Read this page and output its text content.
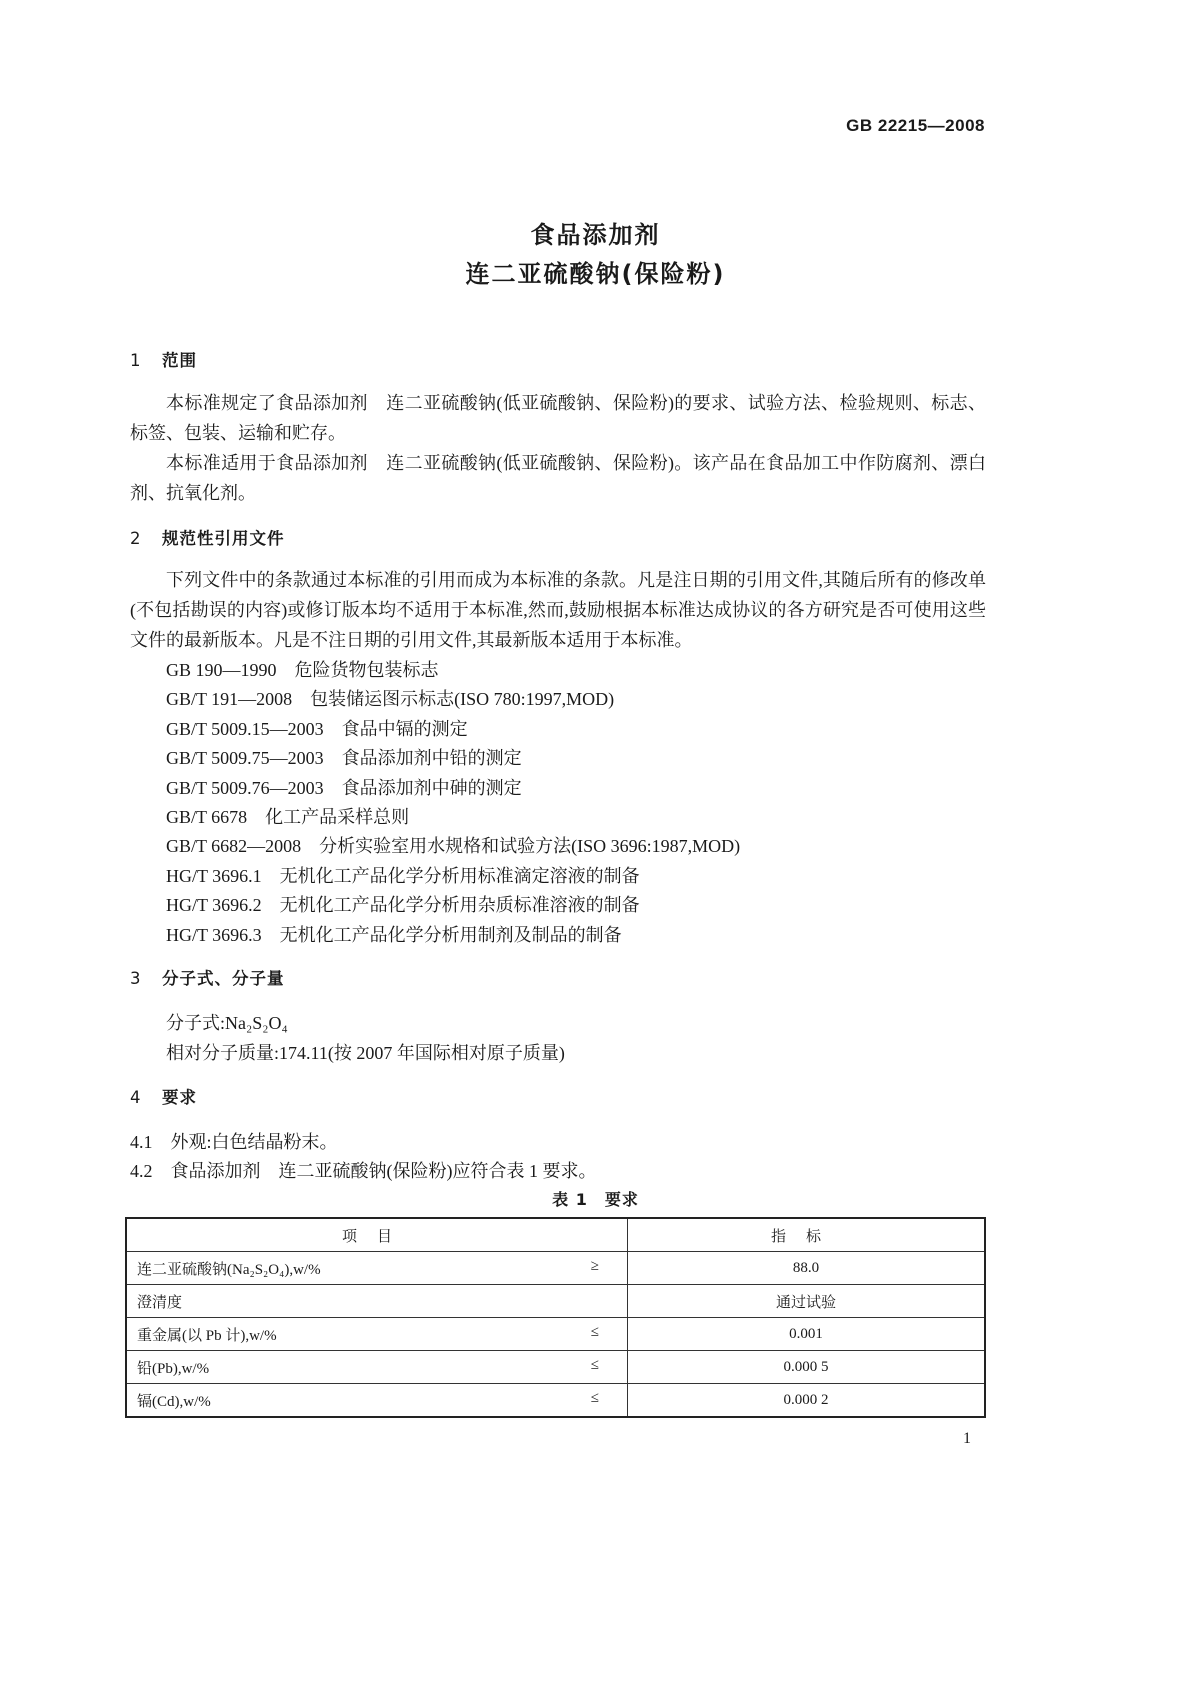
GB 22215—2008
食品添加剂
连二亚硫酸钠(保险粉)
1 范围
本标准规定了食品添加剂　连二亚硫酸钠(低亚硫酸钠、保险粉)的要求、试验方法、检验规则、标志、标签、包装、运输和贮存。
本标准适用于食品添加剂　连二亚硫酸钠(低亚硫酸钠、保险粉)。该产品在食品加工中作防腐剂、漂白剂、抗氧化剂。
2 规范性引用文件
下列文件中的条款通过本标准的引用而成为本标准的条款。凡是注日期的引用文件,其随后所有的修改单(不包括勘误的内容)或修订版本均不适用于本标准,然而,鼓励根据本标准达成协议的各方研究是否可使用这些文件的最新版本。凡是不注日期的引用文件,其最新版本适用于本标准。
GB 190—1990　危险货物包装标志
GB/T 191—2008　包装储运图示标志(ISO 780:1997,MOD)
GB/T 5009.15—2003　食品中镉的测定
GB/T 5009.75—2003　食品添加剂中铅的测定
GB/T 5009.76—2003　食品添加剂中砷的测定
GB/T 6678　化工产品采样总则
GB/T 6682—2008　分析实验室用水规格和试验方法(ISO 3696:1987,MOD)
HG/T 3696.1　无机化工产品化学分析用标准滴定溶液的制备
HG/T 3696.2　无机化工产品化学分析用杂质标准溶液的制备
HG/T 3696.3　无机化工产品化学分析用制剂及制品的制备
3 分子式、分子量
分子式:Na₂S₂O₄
相对分子质量:174.11(按 2007 年国际相对原子质量)
4 要求
4.1　外观:白色结晶粉末。
4.2　食品添加剂　连二亚硫酸钠(保险粉)应符合表 1 要求。
表 1　要求
项目	指标
连二亚硫酸钠(Na₂S₂O₄),w/% ≥	88.0
澄清度	通过试验
重金属(以 Pb 计),w/% ≤	0.001
铅(Pb),w/% ≤	0.000 5
镉(Cd),w/% ≤	0.000 2
1
